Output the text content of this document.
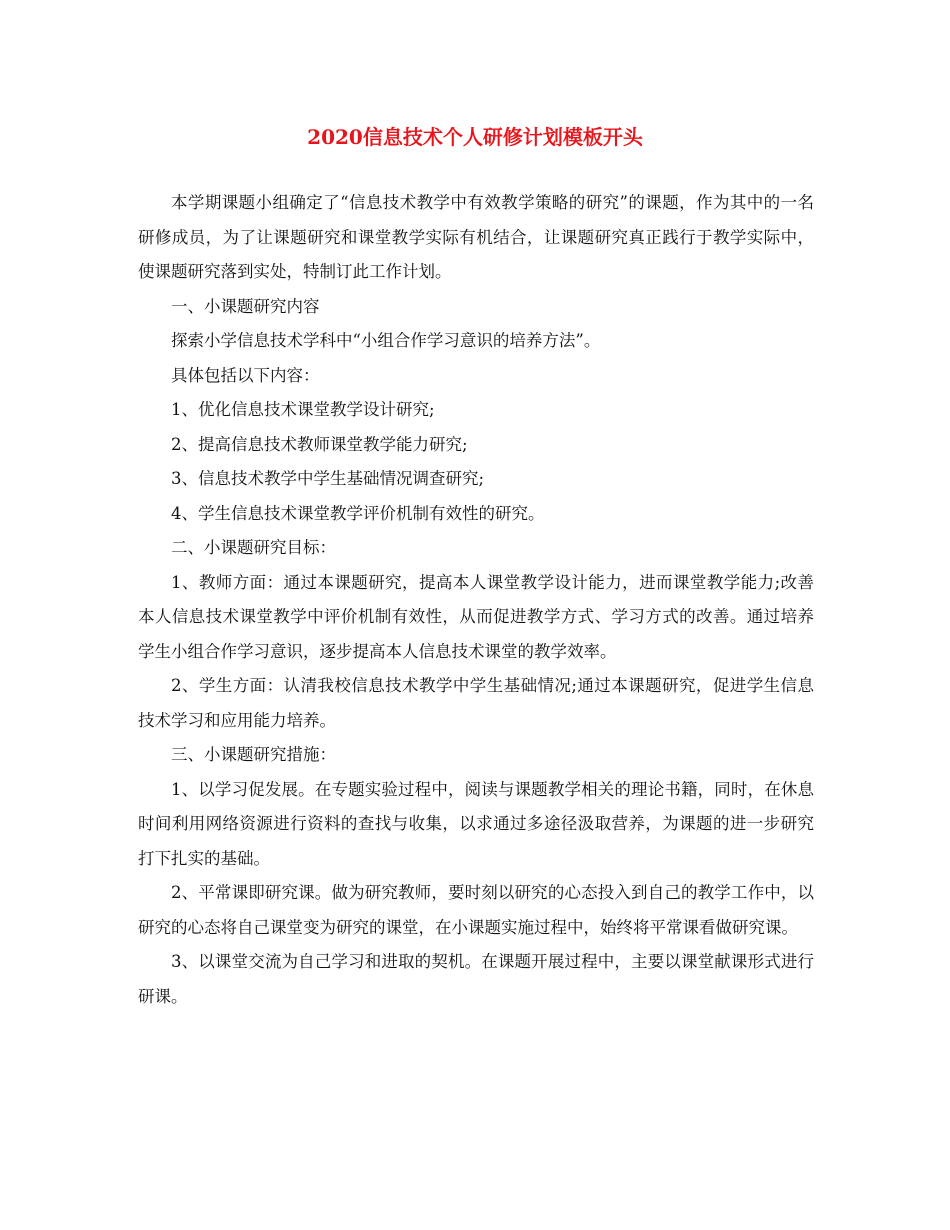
2020信息技术个人研修计划模板开头

本学期课题小组确定了“信息技术教学中有效教学策略的研究”的课题，作为其中的一名研修成员，为了让课题研究和课堂教学实际有机结合，让课题研究真正践行于教学实际中，使课题研究落到实处，特制订此工作计划。

一、小课题研究内容

探索小学信息技术学科中“小组合作学习意识的培养方法”。

具体包括以下内容：

1、优化信息技术课堂教学设计研究;

2、提高信息技术教师课堂教学能力研究;

3、信息技术教学中学生基础情况调查研究;

4、学生信息技术课堂教学评价机制有效性的研究。

二、小课题研究目标：

1、教师方面：通过本课题研究，提高本人课堂教学设计能力，进而课堂教学能力;改善本人信息技术课堂教学中评价机制有效性，从而促进教学方式、学习方式的改善。通过培养学生小组合作学习意识，逐步提高本人信息技术课堂的教学效率。

2、学生方面：认清我校信息技术教学中学生基础情况;通过本课题研究，促进学生信息技术学习和应用能力培养。

三、小课题研究措施：

1、以学习促发展。在专题实验过程中，阅读与课题教学相关的理论书籍，同时，在休息时间利用网络资源进行资料的查找与收集，以求通过多途径汲取营养，为课题的进一步研究打下扎实的基础。

2、平常课即研究课。做为研究教师，要时刻以研究的心态投入到自己的教学工作中，以研究的心态将自己课堂变为研究的课堂，在小课题实施过程中，始终将平常课看做研究课。

3、以课堂交流为自己学习和进取的契机。在课题开展过程中，主要以课堂献课形式进行研课。
